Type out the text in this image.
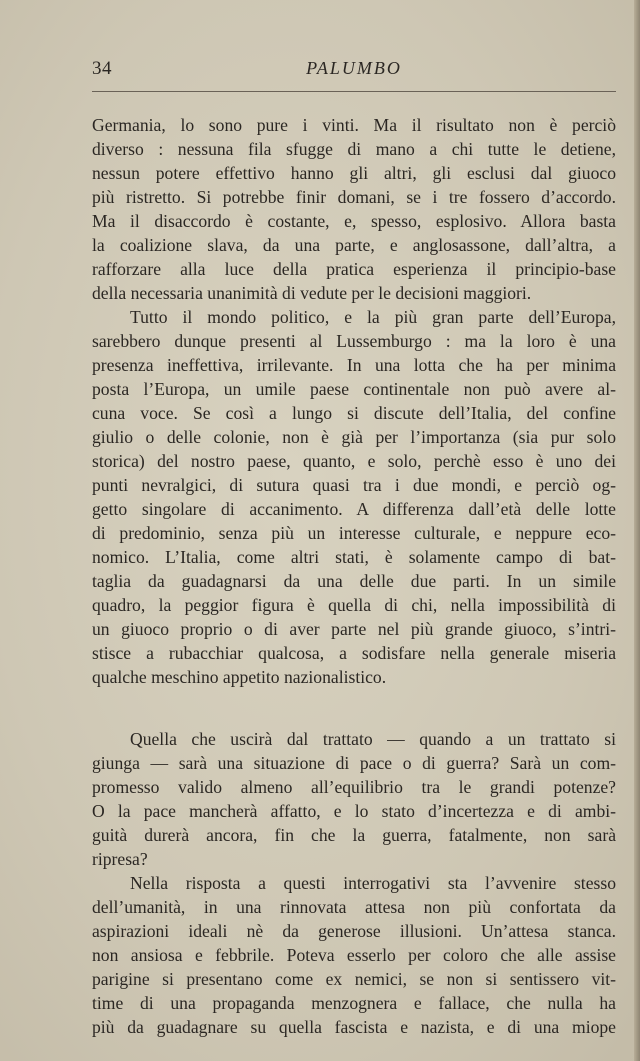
34	PALUMBO
Germania, lo sono pure i vinti. Ma il risultato non è perciò
diverso : nessuna fila sfugge di mano a chi tutte le detiene,
nessun potere effettivo hanno gli altri, gli esclusi dal giuoco
più ristretto. Si potrebbe finir domani, se i tre fossero d’accordo.
Ma il disaccordo è costante, e, spesso, esplosivo. Allora basta
la coalizione slava, da una parte, e anglosassone, dall’altra, a
rafforzare alla luce della pratica esperienza il principio-base
della necessaria unanimità di vedute per le decisioni maggiori.
Tutto il mondo politico, e la più gran parte dell’Europa,
sarebbero dunque presenti al Lussemburgo : ma la loro è una
presenza ineffettiva, irrilevante. In una lotta che ha per minima
posta l’Europa, un umile paese continentale non può avere al-
cuna voce. Se così a lungo si discute dell’Italia, del confine
giulio o delle colonie, non è già per l’importanza (sia pur solo
storica) del nostro paese, quanto, e solo, perchè esso è uno dei
punti nevralgici, di sutura quasi tra i due mondi, e perciò og-
getto singolare di accanimento. A differenza dall’età delle lotte
di predominio, senza più un interesse culturale, e neppure eco-
nomico. L’Italia, come altri stati, è solamente campo di bat-
taglia da guadagnarsi da una delle due parti. In un simile
quadro, la peggior figura è quella di chi, nella impossibilità di
un giuoco proprio o di aver parte nel più grande giuoco, s’intri-
stisce a rubacchiar qualcosa, a sodisfare nella generale miseria
qualche meschino appetito nazionalistico.
Quella che uscirà dal trattato — quando a un trattato si
giunga — sarà una situazione di pace o di guerra? Sarà un com-
promesso valido almeno all’equilibrio tra le grandi potenze?
O la pace mancherà affatto, e lo stato d’incertezza e di ambi-
guità durerà ancora, fin che la guerra, fatalmente, non sarà
ripresa?
Nella risposta a questi interrogativi sta l’avvenire stesso
dell’umanità, in una rinnovata attesa non più confortata da
aspirazioni ideali nè da generose illusioni. Un’attesa stanca.
non ansiosa e febbrile. Poteva esserlo per coloro che alle assise
parigine si presentano come ex nemici, se non si sentissero vit-
time di una propaganda menzognera e fallace, che nulla ha
più da guadagnare su quella fascista e nazista, e di una miope
